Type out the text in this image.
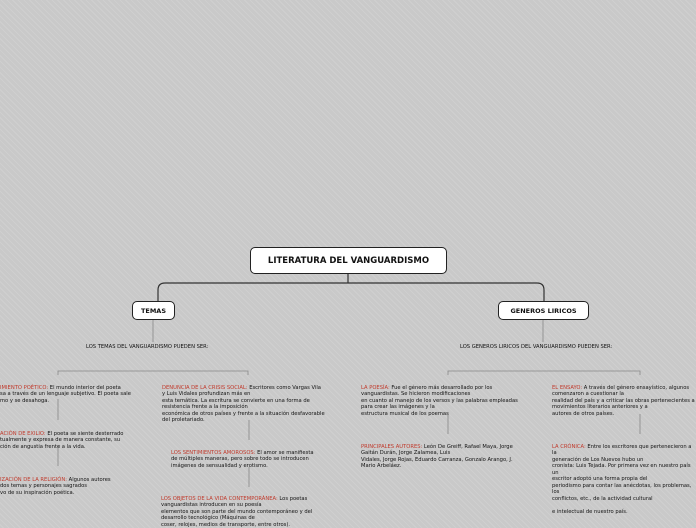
LITERATURA DEL VANGUARDISMO
TEMAS	GENEROS LIRICOS
LOS TEMAS DEL VANGUARDISMO PUEDEN SER:	LOS GENEROS LIRICOS DEL VANGUARDISMO PUEDEN SER:

IMIENTO POÉTICO: El mundo interior del poeta
sa a través de un lenguaje subjetivo. El poeta sale
mo y se desahoga.

ACIÓN DE EXILIO: El poeta se siente desterrado
tualmente y expresa de manera constante, su
ción de angustia frente a la vida.

IZACIÓN DE LA RELIGIÓN: Algunos autores
dos temas y personajes sagrados
vo de su inspiración poética.

DENUNCIA DE LA CRISIS SOCIAL: Escritores como Vargas Vila
y Luis Vidales profundizan más en
esta temática. La escritura se convierte en una forma de
resistencia frente a la imposición
económica de otros países y frente a la situación desfavorable
del proletariado.

LOS SENTIMIENTOS AMOROSOS: El amor se manifiesta
de múltiples maneras, pero sobre todo se introducen
imágenes de sensualidad y erotismo.

LOS OBJETOS DE LA VIDA CONTEMPORÁNEA: Los poetas
vanguardistas introducen en su poesía
elementos que son parte del mundo contemporáneo y del
desarrollo tecnológico (Máquinas de
coser, relojes, medios de transporte, entre otros).

LA POESÍA: Fue el género más desarrollado por los
vanguardistas. Se hicieron modificaciones
en cuanto al manejo de los versos y las palabras empleadas
para crear las imágenes y la
estructura musical de los poemas

PRINCIPALES AUTORES: León De Greiff, Rafael Maya, Jorge
Gaitán Durán, Jorge Zalamea, Luis
Vidales, Jorge Rojas, Eduardo Carranza, Gonzalo Arango, J.
Mario Arbeláez.

EL ENSAYO: A través del género ensayístico, algunos
comenzaron a cuestionar la
realidad del país y a criticar las obras pertenecientes a
movimientos literarios anteriores y a
autores de otros países.

LA CRÓNICA: Entre los escritores que pertenecieron a la
generación de Los Nuevos hubo un
cronista: Luis Tejada. Por primera vez en nuestro país un
escritor adoptó una forma propia del
periodismo para contar las anécdotas, los problemas, los
conflictos, etc., de la actividad cultural

e intelectual de nuestro país.
